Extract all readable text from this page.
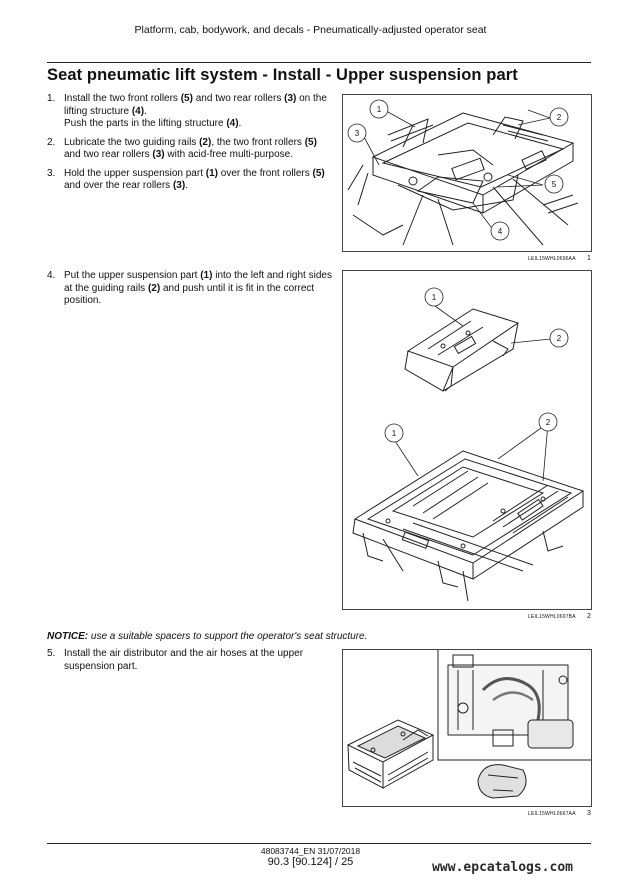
Platform, cab, bodywork, and decals - Pneumatically-adjusted operator seat
Seat pneumatic lift system - Install - Upper suspension part
1. Install the two front rollers (5) and two rear rollers (3) on the lifting structure (4).
Push the parts in the lifting structure (4).
2. Lubricate the two guiding rails (2), the two front rollers (5) and two rear rollers (3) with acid-free multi-purpose.
3. Hold the upper suspension part (1) over the front rollers (5) and over the rear rollers (3).
4. Put the upper suspension part (1) into the left and right sides at the guiding rails (2) and push until it is fit in the correct position.
NOTICE: use a suitable spacers to support the operator's seat structure.
5. Install the air distributor and the air hoses at the upper suspension part.
1
2
3
5
4
LEIL15WHL0696AA 1
1
2
1
2
LEIL15WHL0697BA 2
LEIL15WHL0667AA 3
48083744_EN 31/07/2018
90.3 [90.124] / 25	www.epcatalogs.com
